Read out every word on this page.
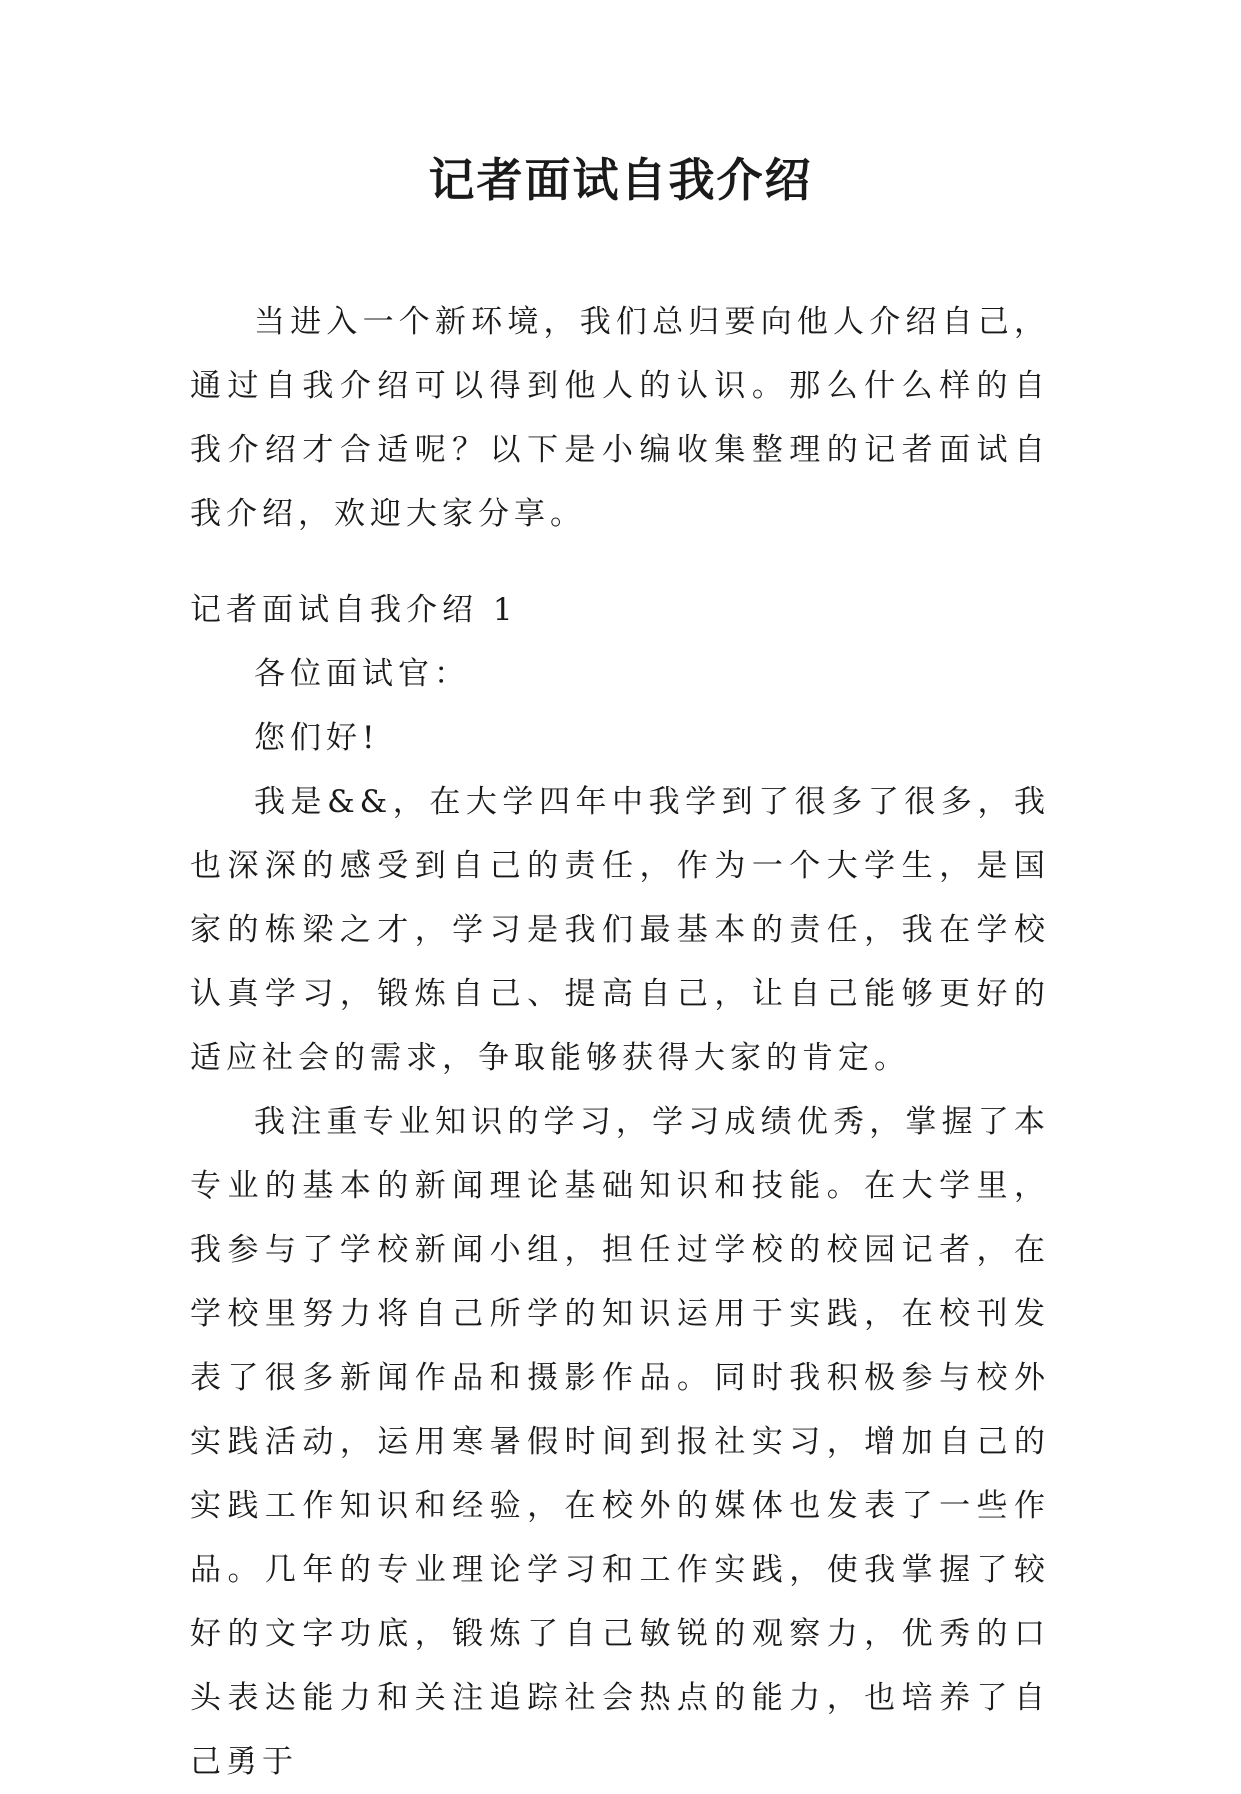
记者面试自我介绍

当进入一个新环境，我们总归要向他人介绍自己，通过自我介绍可以得到他人的认识。那么什么样的自我介绍才合适呢？以下是小编收集整理的记者面试自我介绍，欢迎大家分享。

记者面试自我介绍 1

各位面试官：

您们好!

我是&&，在大学四年中我学到了很多了很多，我也深深的感受到自己的责任，作为一个大学生，是国家的栋梁之才，学习是我们最基本的责任，我在学校认真学习，锻炼自己、提高自己，让自己能够更好的适应社会的需求，争取能够获得大家的肯定。

我注重专业知识的学习，学习成绩优秀，掌握了本专业的基本的新闻理论基础知识和技能。在大学里，我参与了学校新闻小组，担任过学校的校园记者，在学校里努力将自己所学的知识运用于实践，在校刊发表了很多新闻作品和摄影作品。同时我积极参与校外实践活动，运用寒暑假时间到报社实习，增加自己的实践工作知识和经验，在校外的媒体也发表了一些作品。几年的专业理论学习和工作实践，使我掌握了较好的文字功底，锻炼了自己敏锐的观察力，优秀的口头表达能力和关注追踪社会热点的能力，也培养了自己勇于
